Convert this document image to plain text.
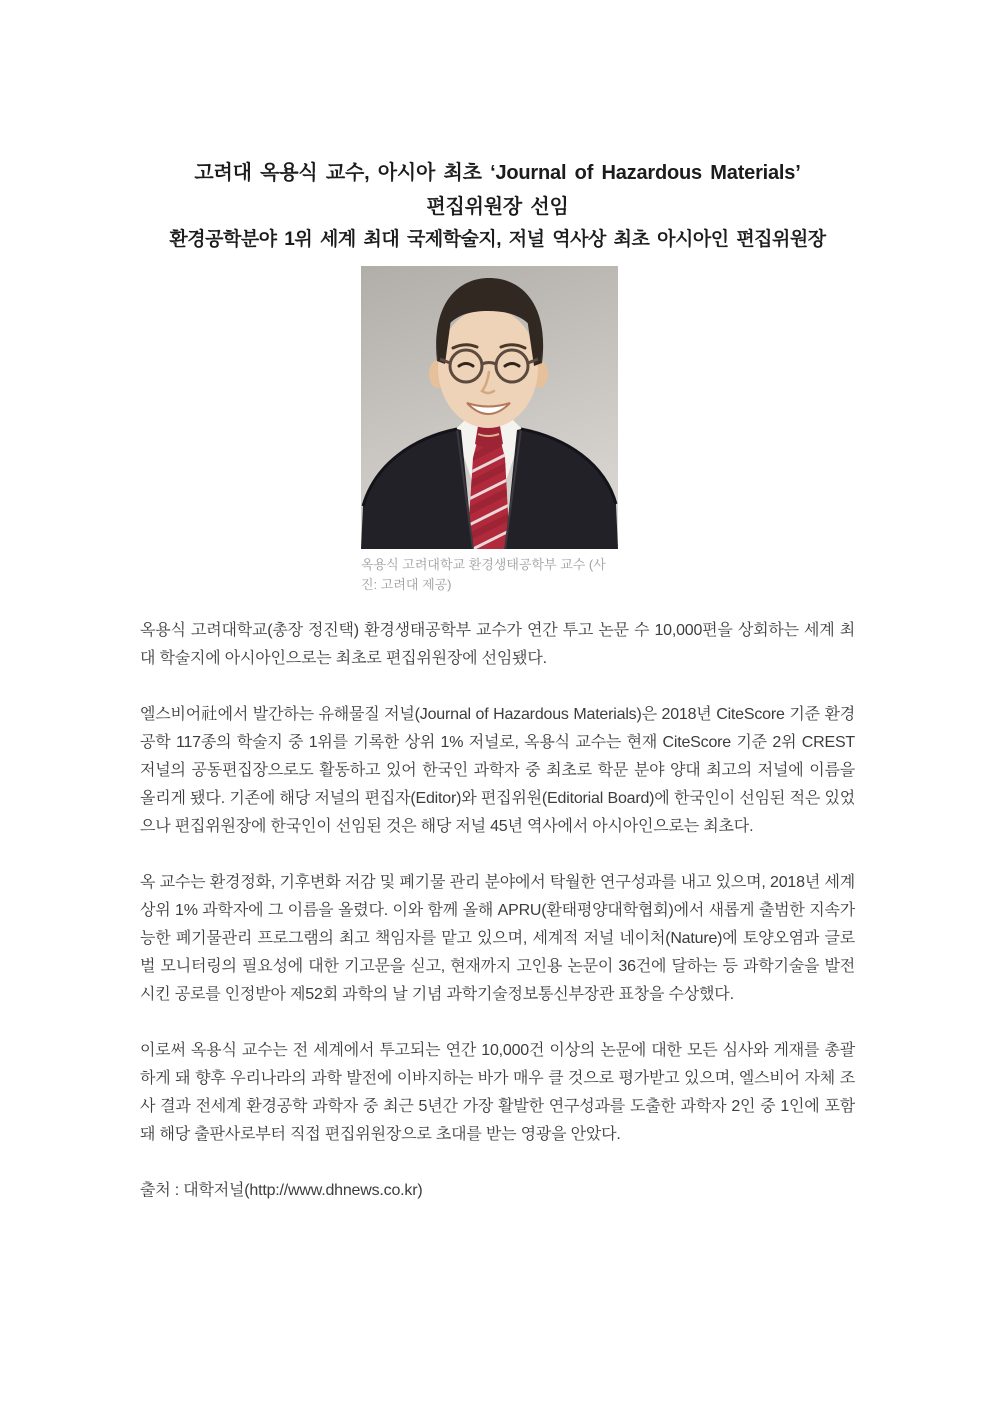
고려대 옥용식 교수, 아시아 최초 ‘Journal of Hazardous Materials’
편집위원장 선임
환경공학분야 1위 세계 최대 국제학술지, 저널 역사상 최초 아시아인 편집위원장
옥용식 고려대학교 환경생태공학부 교수 (사진: 고려대 제공)

옥용식 고려대학교(총장 정진택) 환경생태공학부 교수가 연간 투고 논문 수 10,000편을 상회하는 세계 최대 학술지에 아시아인으로는 최초로 편집위원장에 선임됐다.

엘스비어社에서 발간하는 유해물질 저널(Journal of Hazardous Materials)은 2018년 CiteScore 기준 환경공학 117종의 학술지 중 1위를 기록한 상위 1% 저널로, 옥용식 교수는 현재 CiteScore 기준 2위 CREST 저널의 공동편집장으로도 활동하고 있어 한국인 과학자 중 최초로 학문 분야 양대 최고의 저널에 이름을 올리게 됐다. 기존에 해당 저널의 편집자(Editor)와 편집위원(Editorial Board)에 한국인이 선임된 적은 있었으나 편집위원장에 한국인이 선임된 것은 해당 저널 45년 역사에서 아시아인으로는 최초다.

옥 교수는 환경정화, 기후변화 저감 및 폐기물 관리 분야에서 탁월한 연구성과를 내고 있으며, 2018년 세계 상위 1% 과학자에 그 이름을 올렸다. 이와 함께 올해 APRU(환태평양대학협회)에서 새롭게 출범한 지속가능한 폐기물관리 프로그램의 최고 책임자를 맡고 있으며, 세계적 저널 네이처(Nature)에 토양오염과 글로벌 모니터링의 필요성에 대한 기고문을 싣고, 현재까지 고인용 논문이 36건에 달하는 등 과학기술을 발전시킨 공로를 인정받아 제52회 과학의 날 기념 과학기술정보통신부장관 표창을 수상했다.

이로써 옥용식 교수는 전 세계에서 투고되는 연간 10,000건 이상의 논문에 대한 모든 심사와 게재를 총괄하게 돼 향후 우리나라의 과학 발전에 이바지하는 바가 매우 클 것으로 평가받고 있으며, 엘스비어 자체 조사 결과 전세계 환경공학 과학자 중 최근 5년간 가장 활발한 연구성과를 도출한 과학자 2인 중 1인에 포함돼 해당 출판사로부터 직접 편집위원장으로 초대를 받는 영광을 안았다.

출처 : 대학저널(http://www.dhnews.co.kr)
